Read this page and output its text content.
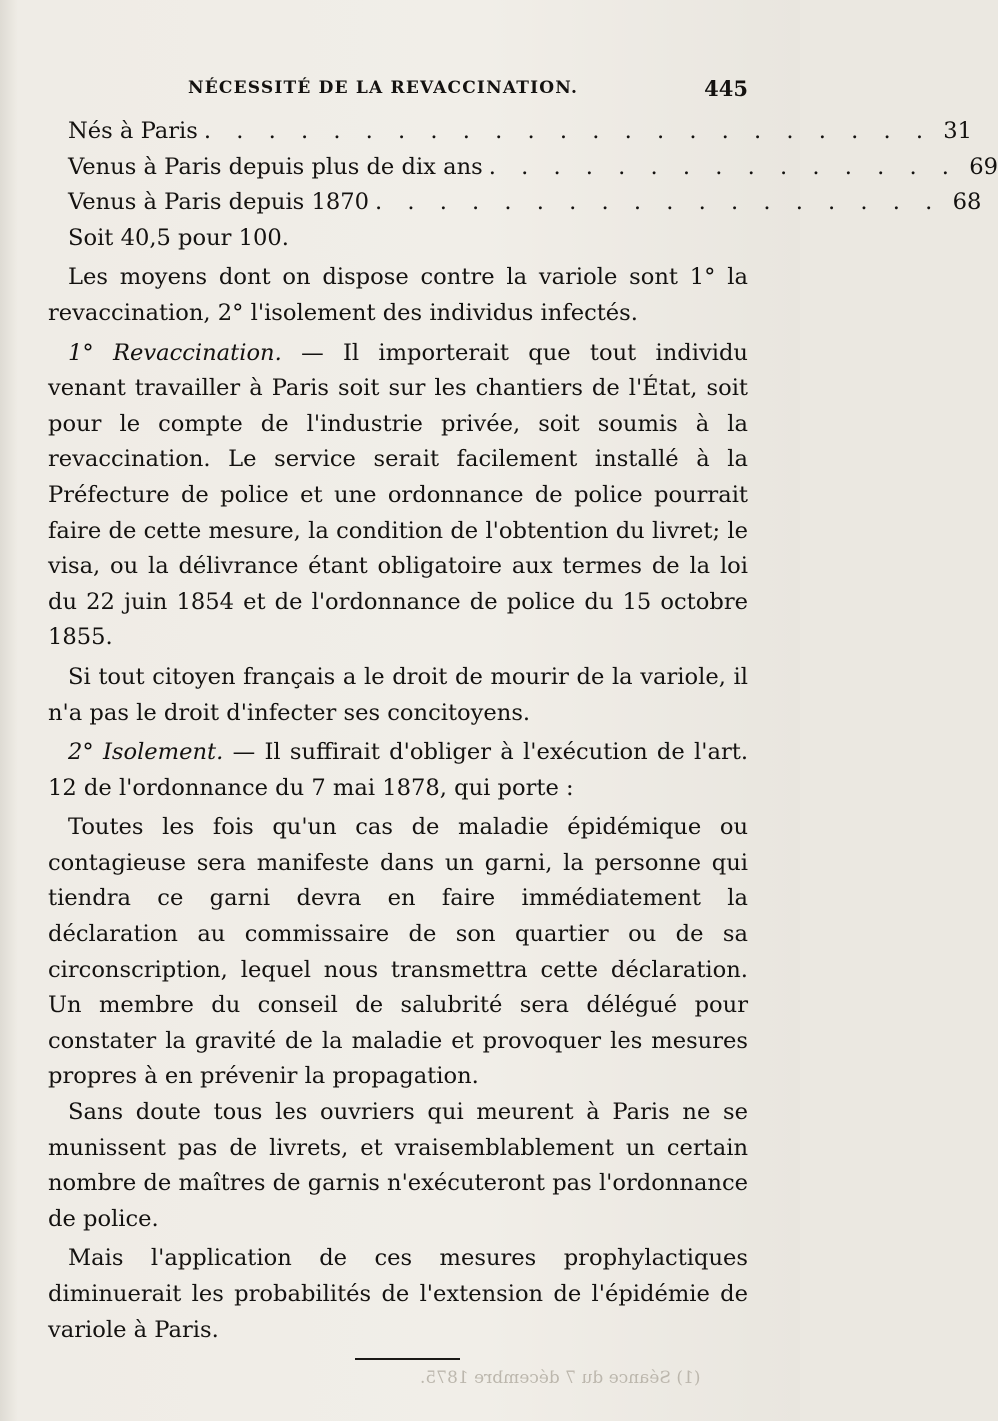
NÉCESSITÉ DE LA REVACCINATION.	445
Nés à Paris . . . . . . . . . . . . . . . . . . . . . . . 31
Venus à Paris depuis plus de dix ans . . . . . . . . . . . . . . . 69
Venus à Paris depuis 1870 . . . . . . . . . . . . . . . . . . 68
Soit 40,5 pour 100.

Les moyens dont on dispose contre la variole sont 1° la revaccination, 2° l'isolement des individus infectés.

1° Revaccination. — Il importerait que tout individu venant travailler à Paris soit sur les chantiers de l'État, soit pour le compte de l'industrie privée, soit soumis à la revaccination. Le service serait facilement installé à la Préfecture de police et une ordonnance de police pourrait faire de cette mesure, la condition de l'obtention du livret; le visa, ou la délivrance étant obligatoire aux termes de la loi du 22 juin 1854 et de l'ordonnance de police du 15 octobre 1855.

Si tout citoyen français a le droit de mourir de la variole, il n'a pas le droit d'infecter ses concitoyens.

2° Isolement. — Il suffirait d'obliger à l'exécution de l'art. 12 de l'ordonnance du 7 mai 1878, qui porte :

Toutes les fois qu'un cas de maladie épidémique ou contagieuse sera manifeste dans un garni, la personne qui tiendra ce garni devra en faire immédiatement la déclaration au commissaire de son quartier ou de sa circonscription, lequel nous transmettra cette déclaration. Un membre du conseil de salubrité sera délégué pour constater la gravité de la maladie et provoquer les mesures propres à en prévenir la propagation.

Sans doute tous les ouvriers qui meurent à Paris ne se munissent pas de livrets, et vraisemblablement un certain nombre de maîtres de garnis n'exécuteront pas l'ordonnance de police.

Mais l'application de ces mesures prophylactiques diminuerait les probabilités de l'extension de l'épidémie de variole à Paris.

(1) Séance du 7 décembre 1875.
